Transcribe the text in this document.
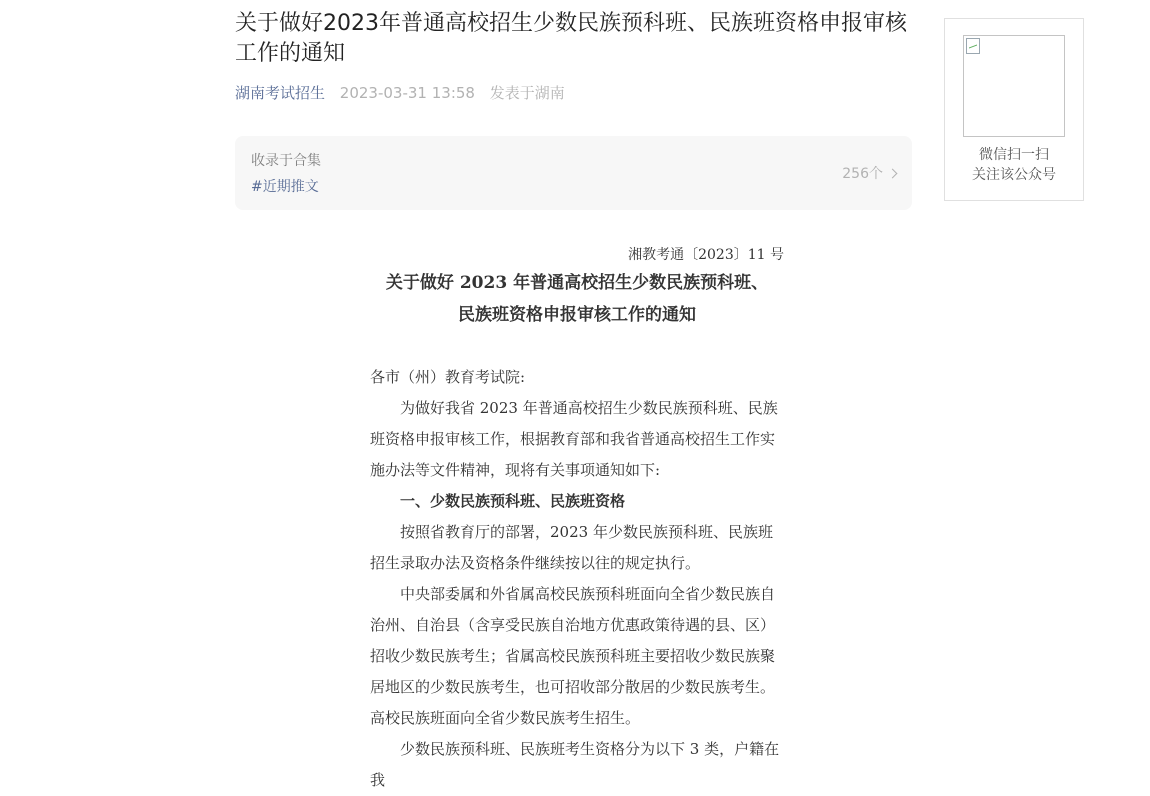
关于做好2023年普通高校招生少数民族预科班、民族班资格申报审核工作的通知
湖南考试招生 2023-03-31 13:58 发表于湖南
收录于合集
#近期推文
256个
微信扫一扫
关注该公众号
湘教考通〔2023〕11 号
关于做好 2023 年普通高校招生少数民族预科班、
民族班资格申报审核工作的通知

各市（州）教育考试院:

为做好我省 2023 年普通高校招生少数民族预科班、民族班资格申报审核工作，根据教育部和我省普通高校招生工作实施办法等文件精神，现将有关事项通知如下:

一、少数民族预科班、民族班资格

按照省教育厅的部署，2023 年少数民族预科班、民族班招生录取办法及资格条件继续按以往的规定执行。

中央部委属和外省属高校民族预科班面向全省少数民族自治州、自治县（含享受民族自治地方优惠政策待遇的县、区）招收少数民族考生；省属高校民族预科班主要招收少数民族聚居地区的少数民族考生，也可招收部分散居的少数民族考生。高校民族班面向全省少数民族考生招生。

少数民族预科班、民族班考生资格分为以下 3 类，户籍在我
